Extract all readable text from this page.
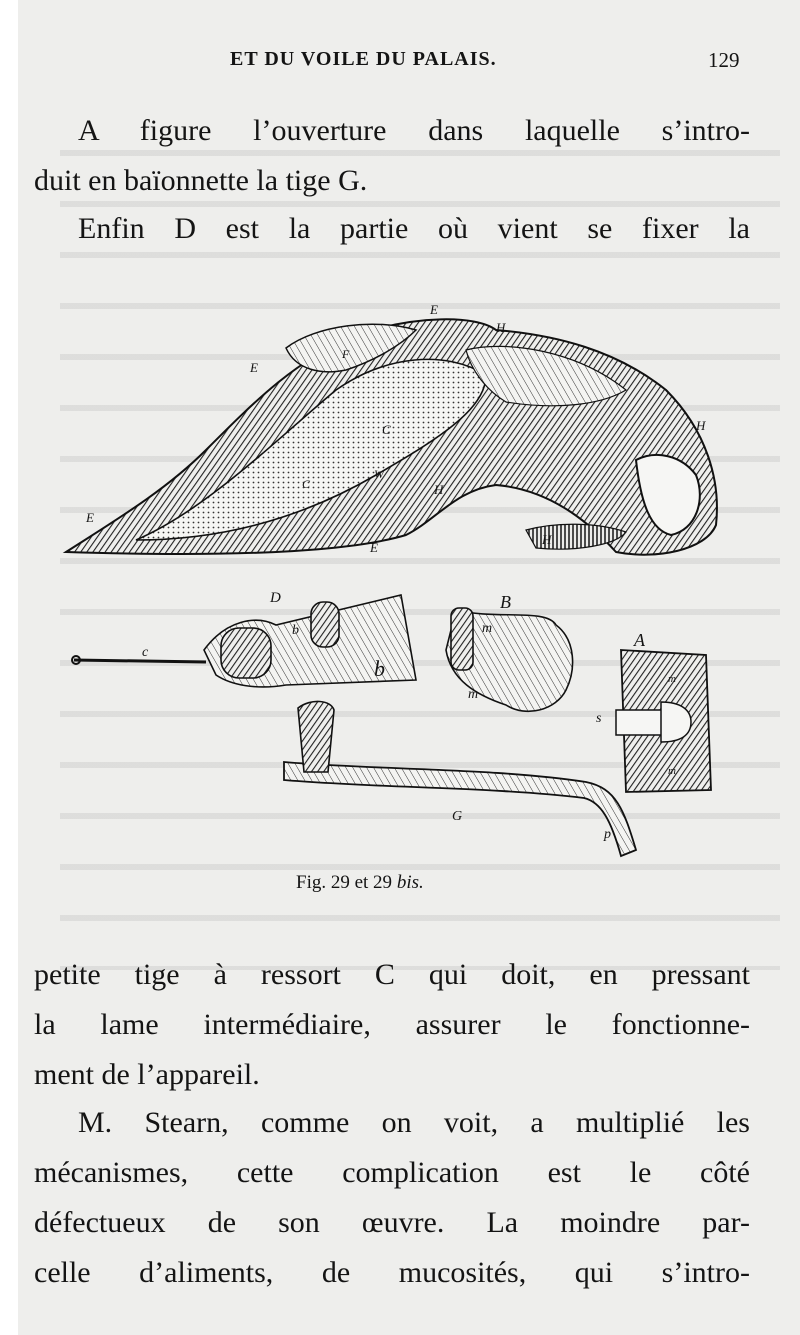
ET DU VOILE DU PALAIS.	129
A figure l’ouverture dans laquelle s’intro-
duit en baïonnette la tige G.
Enfin D est la partie où vient se fixer la
E
H
E
F
C
C
W
H
H
H
E
E
D
b
b
c
B
m
m
A
s
m
m
G
p
Fig. 29 et 29 bis.
petite tige à ressort C qui doit, en pressant
la lame intermédiaire, assurer le fonctionne-
ment de l’appareil.
M. Stearn, comme on voit, a multiplié les
mécanismes, cette complication est le côté
défectueux de son œuvre. La moindre par-
celle d’aliments, de mucosités, qui s’intro-
